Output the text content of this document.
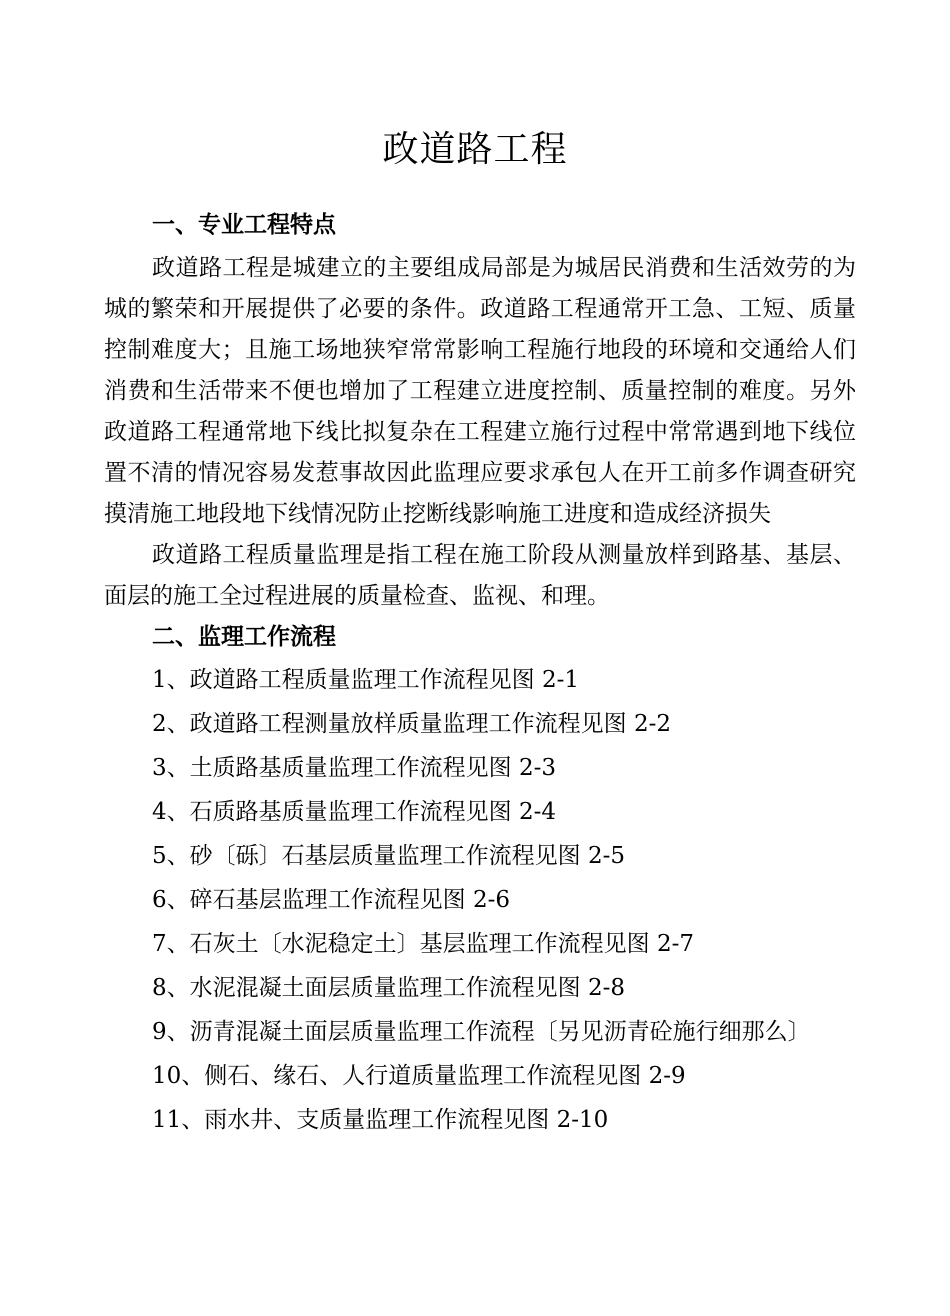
政道路工程

一、专业工程特点

政道路工程是城建立的主要组成局部是为城居民消费和生活效劳的为城的繁荣和开展提供了必要的条件。政道路工程通常开工急、工短、质量控制难度大；且施工场地狭窄常常影响工程施行地段的环境和交通给人们消费和生活带来不便也增加了工程建立进度控制、质量控制的难度。另外政道路工程通常地下线比拟复杂在工程建立施行过程中常常遇到地下线位置不清的情况容易发惹事故因此监理应要求承包人在开工前多作调查研究摸清施工地段地下线情况防止挖断线影响施工进度和造成经济损失

政道路工程质量监理是指工程在施工阶段从测量放样到路基、基层、面层的施工全过程进展的质量检查、监视、和理。

二、监理工作流程

1、政道路工程质量监理工作流程见图 2-1
2、政道路工程测量放样质量监理工作流程见图 2-2
3、土质路基质量监理工作流程见图 2-3
4、石质路基质量监理工作流程见图 2-4
5、砂〔砾〕石基层质量监理工作流程见图 2-5
6、碎石基层监理工作流程见图 2-6
7、石灰土〔水泥稳定土〕基层监理工作流程见图 2-7
8、水泥混凝土面层质量监理工作流程见图 2-8
9、沥青混凝土面层质量监理工作流程〔另见沥青砼施行细那么〕
10、侧石、缘石、人行道质量监理工作流程见图 2-9
11、雨水井、支质量监理工作流程见图 2-10
